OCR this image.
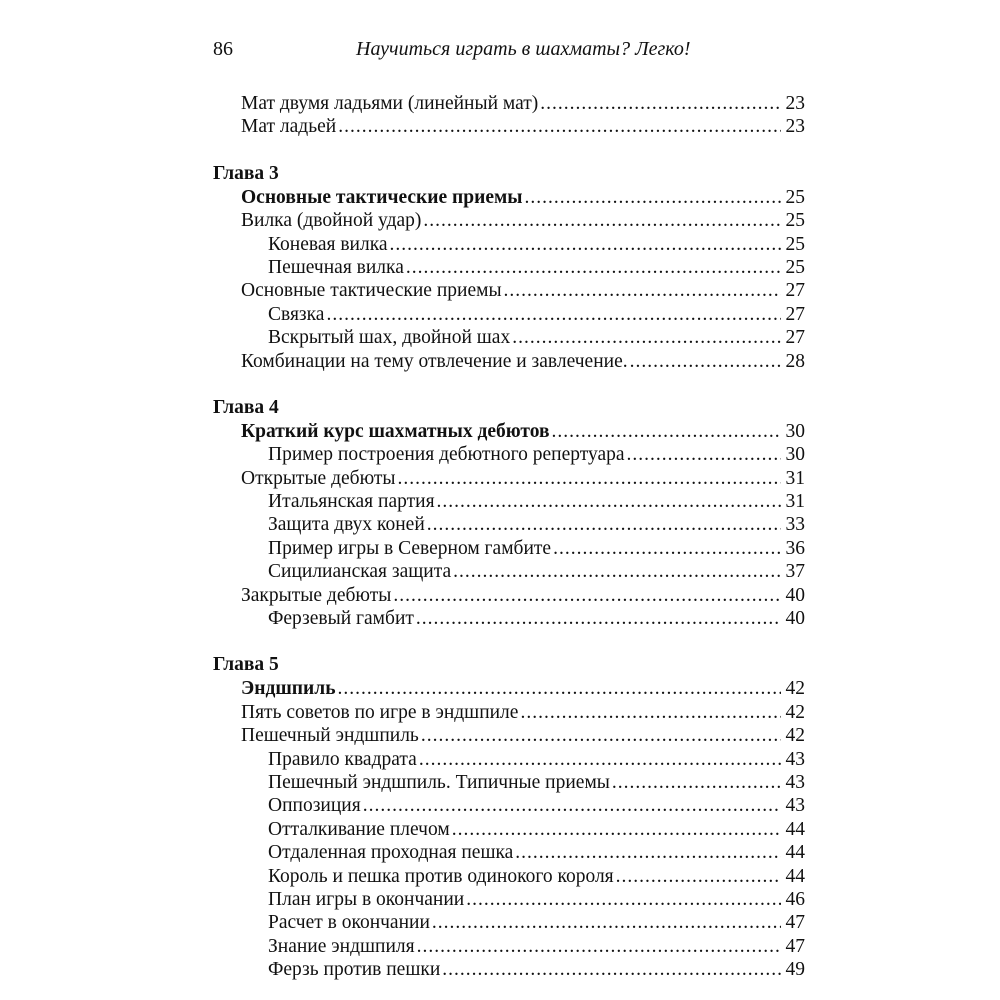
86	Научиться играть в шахматы? Легко!
Мат двумя ладьями (линейный мат) .....	23
Мат ладьей .....	23
Глава 3
Основные тактические приемы .....	25
Вилка (двойной удар) .....	25
Коневая вилка .....	25
Пешечная вилка .....	25
Основные тактические приемы .....	27
Связка .....	27
Вскрытый шах, двойной шах .....	27
Комбинации на тему отвлечение и завлечение. .....	28
Глава 4
Краткий курс шахматных дебютов .....	30
Пример построения дебютного репертуара .....	30
Открытые дебюты .....	31
Итальянская партия .....	31
Защита двух коней .....	33
Пример игры в Северном гамбите .....	36
Сицилианская защита .....	37
Закрытые дебюты .....	40
Ферзевый гамбит .....	40
Глава 5
Эндшпиль .....	42
Пять советов по игре в эндшпиле .....	42
Пешечный эндшпиль .....	42
Правило квадрата .....	43
Пешечный эндшпиль. Типичные приемы .....	43
Оппозиция .....	43
Отталкивание плечом .....	44
Отдаленная проходная пешка .....	44
Король и пешка против одинокого короля .....	44
План игры в окончании .....	46
Расчет в окончании .....	47
Знание эндшпиля .....	47
Ферзь против пешки .....	49
